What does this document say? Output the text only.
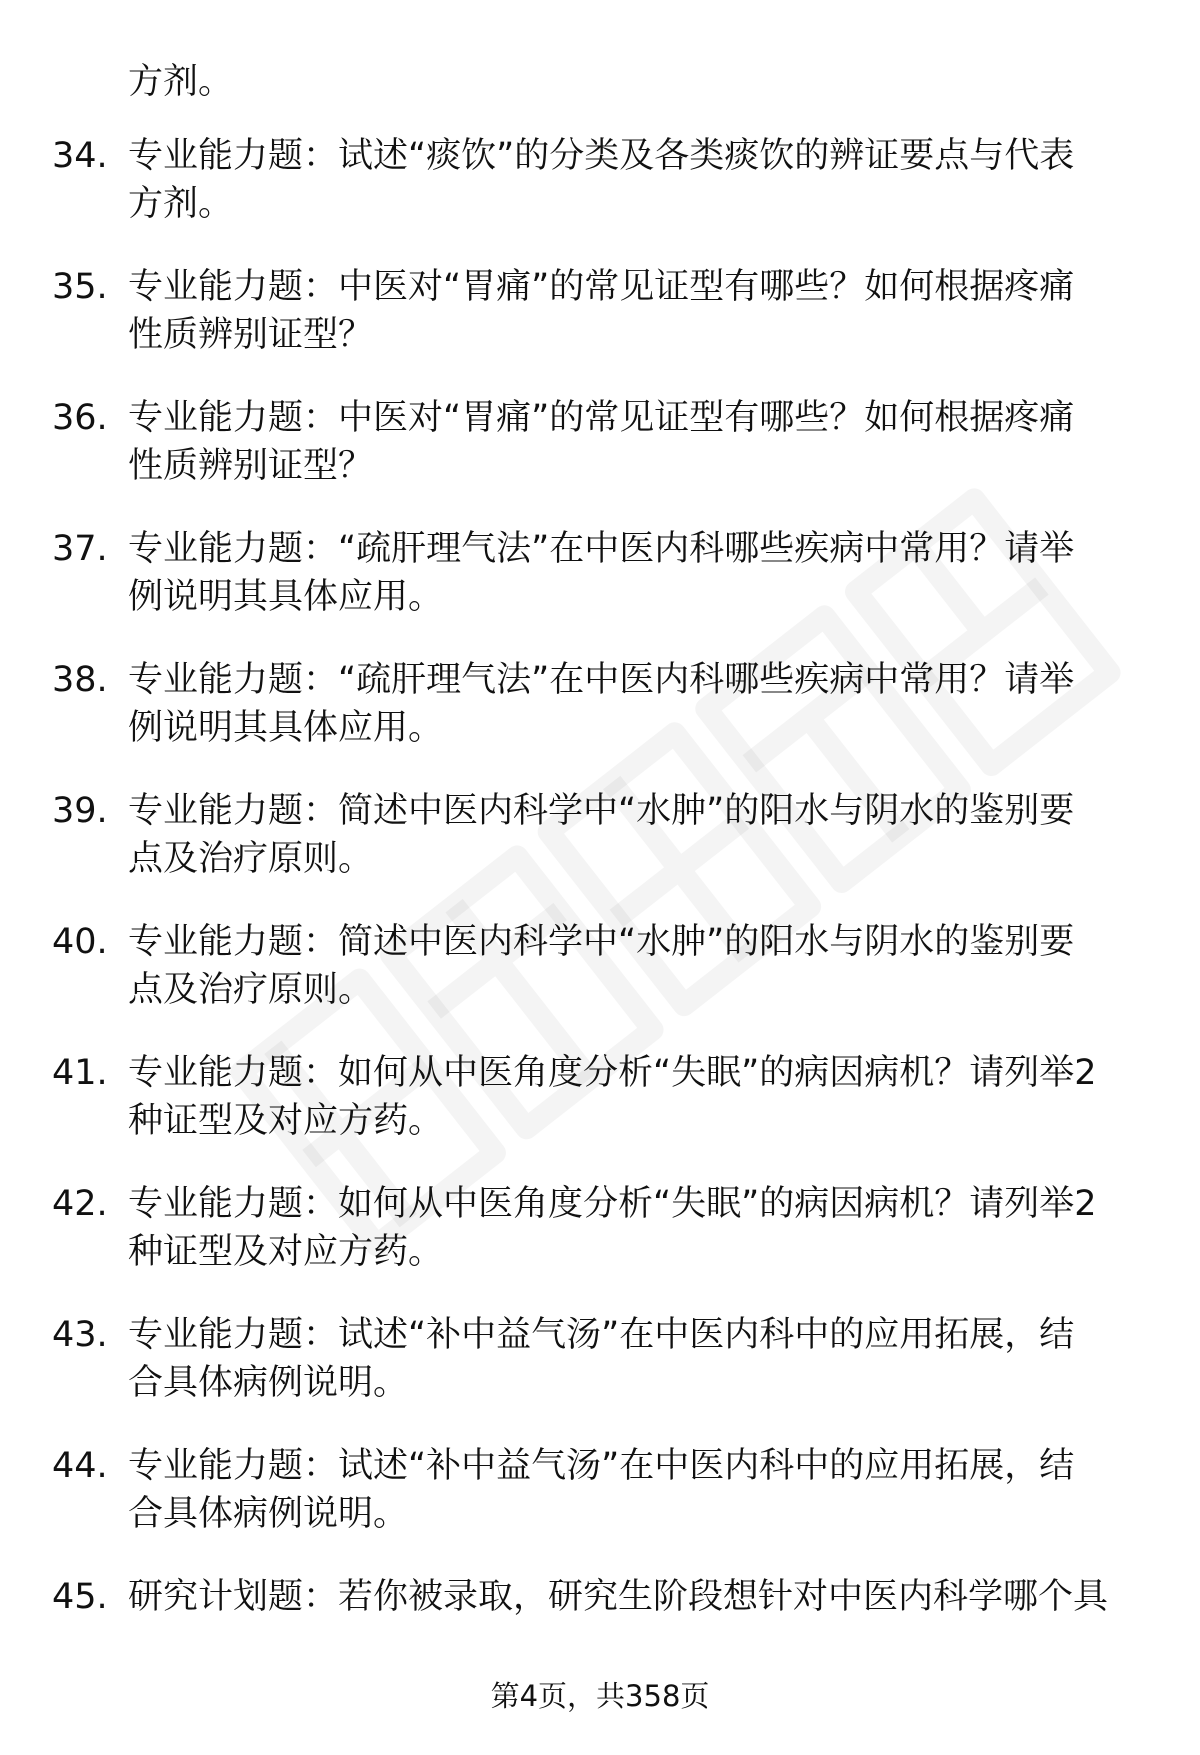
方剂。

34. 专业能力题：试述“痰饮”的分类及各类痰饮的辨证要点与代表
方剂。
35. 专业能力题：中医对“胃痛”的常见证型有哪些？如何根据疼痛
性质辨别证型？
36. 专业能力题：中医对“胃痛”的常见证型有哪些？如何根据疼痛
性质辨别证型？
37. 专业能力题：“疏肝理气法”在中医内科哪些疾病中常用？请举
例说明其具体应用。
38. 专业能力题：“疏肝理气法”在中医内科哪些疾病中常用？请举
例说明其具体应用。
39. 专业能力题：简述中医内科学中“水肿”的阳水与阴水的鉴别要
点及治疗原则。
40. 专业能力题：简述中医内科学中“水肿”的阳水与阴水的鉴别要
点及治疗原则。
41. 专业能力题：如何从中医角度分析“失眠”的病因病机？请列举2
种证型及对应方药。
42. 专业能力题：如何从中医角度分析“失眠”的病因病机？请列举2
种证型及对应方药。
43. 专业能力题：试述“补中益气汤”在中医内科中的应用拓展，结
合具体病例说明。
44. 专业能力题：试述“补中益气汤”在中医内科中的应用拓展，结
合具体病例说明。
45. 研究计划题：若你被录取，研究生阶段想针对中医内科学哪个具
第4页，共358页
